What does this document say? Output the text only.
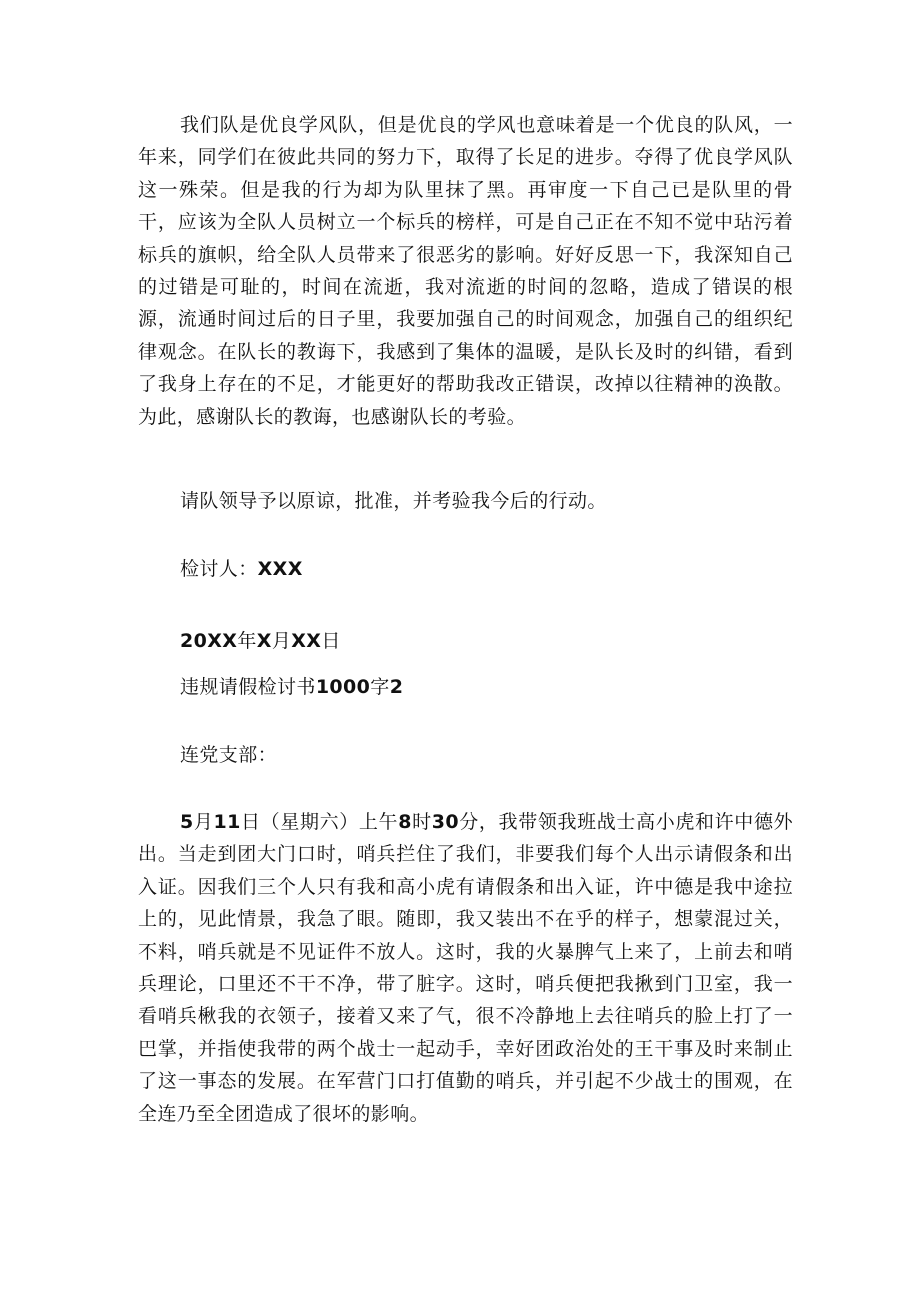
我们队是优良学风队，但是优良的学风也意味着是一个优良的队风，一年来，同学们在彼此共同的努力下，取得了长足的进步。夺得了优良学风队这一殊荣。但是我的行为却为队里抹了黑。再审度一下自己已是队里的骨干，应该为全队人员树立一个标兵的榜样，可是自己正在不知不觉中玷污着标兵的旗帜，给全队人员带来了很恶劣的影响。好好反思一下，我深知自己的过错是可耻的，时间在流逝，我对流逝的时间的忽略，造成了错误的根源，流通时间过后的日子里，我要加强自己的时间观念，加强自己的组织纪律观念。在队长的教诲下，我感到了集体的温暖，是队长及时的纠错，看到了我身上存在的不足，才能更好的帮助我改正错误，改掉以往精神的涣散。为此，感谢队长的教诲，也感谢队长的考验。

请队领导予以原谅，批准，并考验我今后的行动。

检讨人：XXX

20XX年X月XX日

违规请假检讨书1000字2

连党支部：

5月11日（星期六）上午8时30分，我带领我班战士高小虎和许中德外出。当走到团大门口时，哨兵拦住了我们，非要我们每个人出示请假条和出入证。因我们三个人只有我和高小虎有请假条和出入证，许中德是我中途拉上的，见此情景，我急了眼。随即，我又装出不在乎的样子，想蒙混过关，不料，哨兵就是不见证件不放人。这时，我的火暴脾气上来了，上前去和哨兵理论，口里还不干不净，带了脏字。这时，哨兵便把我揪到门卫室，我一看哨兵楸我的衣领子，接着又来了气，很不冷静地上去往哨兵的脸上打了一巴掌，并指使我带的两个战士一起动手，幸好团政治处的王干事及时来制止了这一事态的发展。在军营门口打值勤的哨兵，并引起不少战士的围观，在全连乃至全团造成了很坏的影响。
